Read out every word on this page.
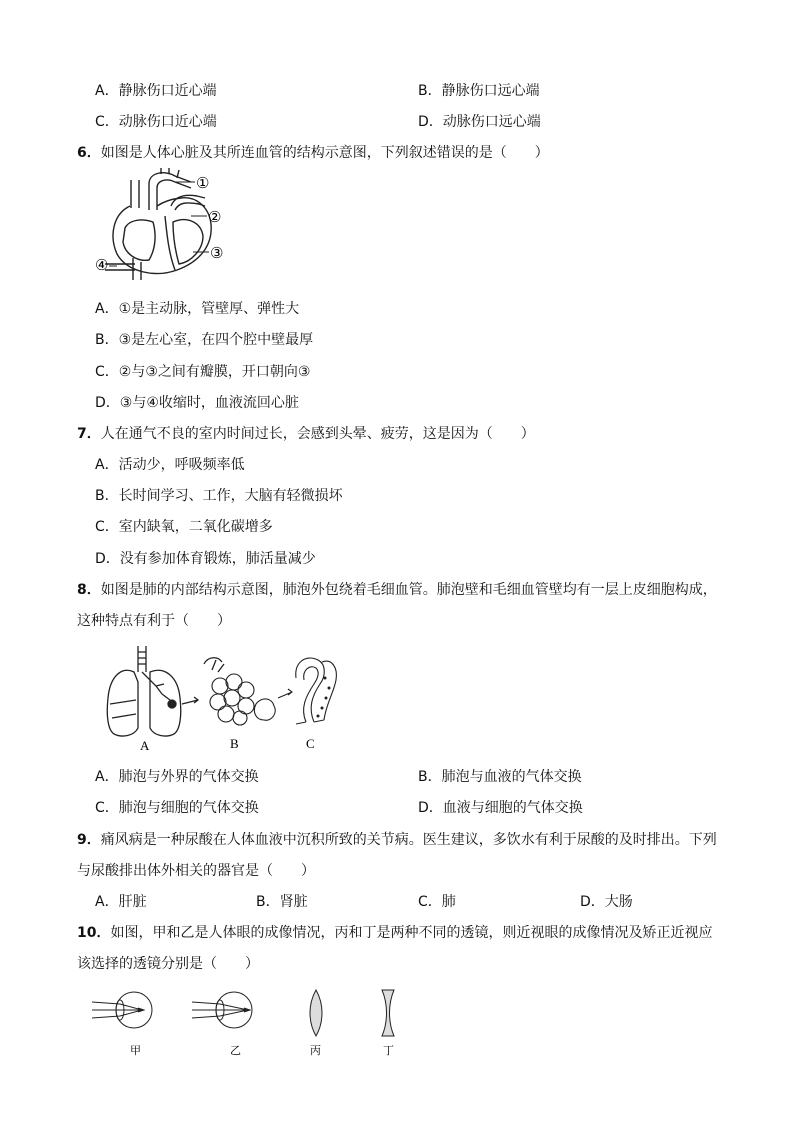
A．静脉伤口近心端	B．静脉伤口远心端
C．动脉伤口近心端	D．动脉伤口远心端
6．如图是人体心脏及其所连血管的结构示意图，下列叙述错误的是（　　）
①
②
③
④
A．①是主动脉，管壁厚、弹性大
B．③是左心室，在四个腔中壁最厚
C．②与③之间有瓣膜，开口朝向③
D．③与④收缩时，血液流回心脏
7．人在通气不良的室内时间过长，会感到头晕、疲劳，这是因为（　　）
A．活动少，呼吸频率低
B．长时间学习、工作，大脑有轻微损坏
C．室内缺氧，二氧化碳增多
D．没有参加体育锻炼，肺活量减少
8．如图是肺的内部结构示意图，肺泡外包绕着毛细血管。肺泡壁和毛细血管壁均有一层上皮细胞构成，
这种特点有利于（　　）
A	B	C
A．肺泡与外界的气体交换	B．肺泡与血液的气体交换
C．肺泡与细胞的气体交换	D．血液与细胞的气体交换
9．痛风病是一种尿酸在人体血液中沉积所致的关节病。医生建议，多饮水有利于尿酸的及时排出。下列
与尿酸排出体外相关的器官是（　　）
A．肝脏	B．肾脏	C．肺	D．大肠
10．如图，甲和乙是人体眼的成像情况，丙和丁是两种不同的透镜，则近视眼的成像情况及矫正近视应
该选择的透镜分别是（　　）
甲	乙	丙	丁
